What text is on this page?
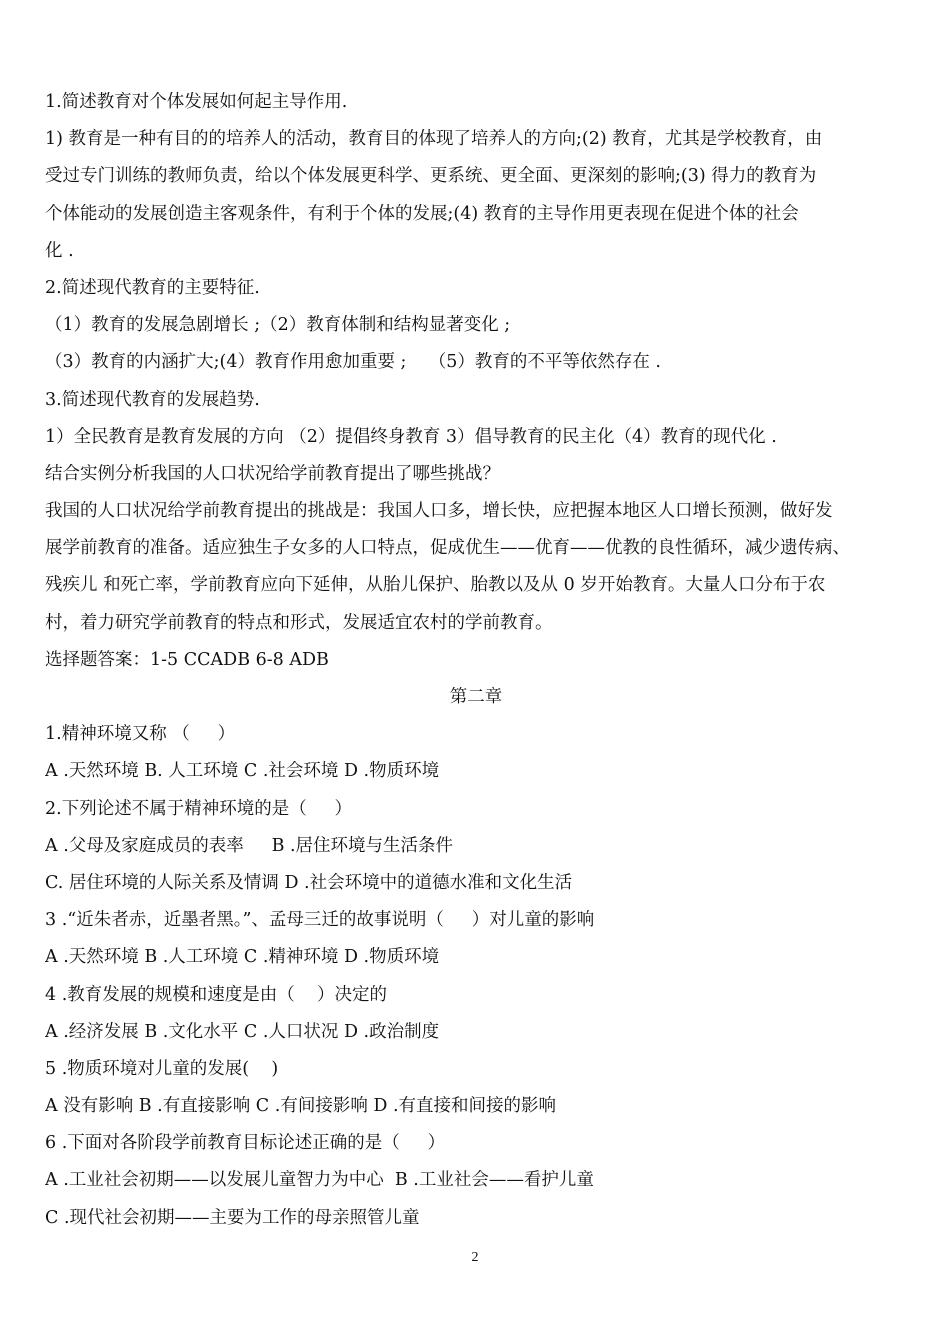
1.简述教育对个体发展如何起主导作用.
1) 教育是一种有目的的培养人的活动，教育目的体现了培养人的方向;(2) 教育，尤其是学校教育，由
受过专门训练的教师负责，给以个体发展更科学、更系统、更全面、更深刻的影响;(3) 得力的教育为
个体能动的发展创造主客观条件，有利于个体的发展;(4) 教育的主导作用更表现在促进个体的社会
化 .
2.简述现代教育的主要特征.
（1）教育的发展急剧增长 ;（2）教育体制和结构显著变化 ;
（3）教育的内涵扩大;(4）教育作用愈加重要 ;    （5）教育的不平等依然存在 .
3.简述现代教育的发展趋势.
1）全民教育是教育发展的方向 （2）提倡终身教育 3）倡导教育的民主化（4）教育的现代化 .
结合实例分析我国的人口状况给学前教育提出了哪些挑战？
我国的人口状况给学前教育提出的挑战是：我国人口多，增长快，应把握本地区人口增长预测，做好发
展学前教育的准备。适应独生子女多的人口特点，促成优生——优育——优教的良性循环，减少遗传病、
残疾儿 和死亡率，学前教育应向下延伸，从胎儿保护、胎教以及从 0 岁开始教育。大量人口分布于农
村，着力研究学前教育的特点和形式，发展适宜农村的学前教育。
选择题答案：1-5 CCADB 6-8 ADB
第二章
1.精神环境又称 （     ）
A .天然环境 B. 人工环境 C .社会环境 D .物质环境
2.下列论述不属于精神环境的是（     ）
A .父母及家庭成员的表率     B .居住环境与生活条件
C. 居住环境的人际关系及情调 D .社会环境中的道德水准和文化生活
3 .“近朱者赤，近墨者黑。”、孟母三迁的故事说明（     ）对儿童的影响
A .天然环境 B .人工环境 C .精神环境 D .物质环境
4 .教育发展的规模和速度是由（    ）决定的
A .经济发展 B .文化水平 C .人口状况 D .政治制度
5 .物质环境对儿童的发展(    )
A 没有影响 B .有直接影响 C .有间接影响 D .有直接和间接的影响
6 .下面对各阶段学前教育目标论述正确的是（     ）
A .工业社会初期——以发展儿童智力为中心  B .工业社会——看护儿童
C .现代社会初期——主要为工作的母亲照管儿童
2
